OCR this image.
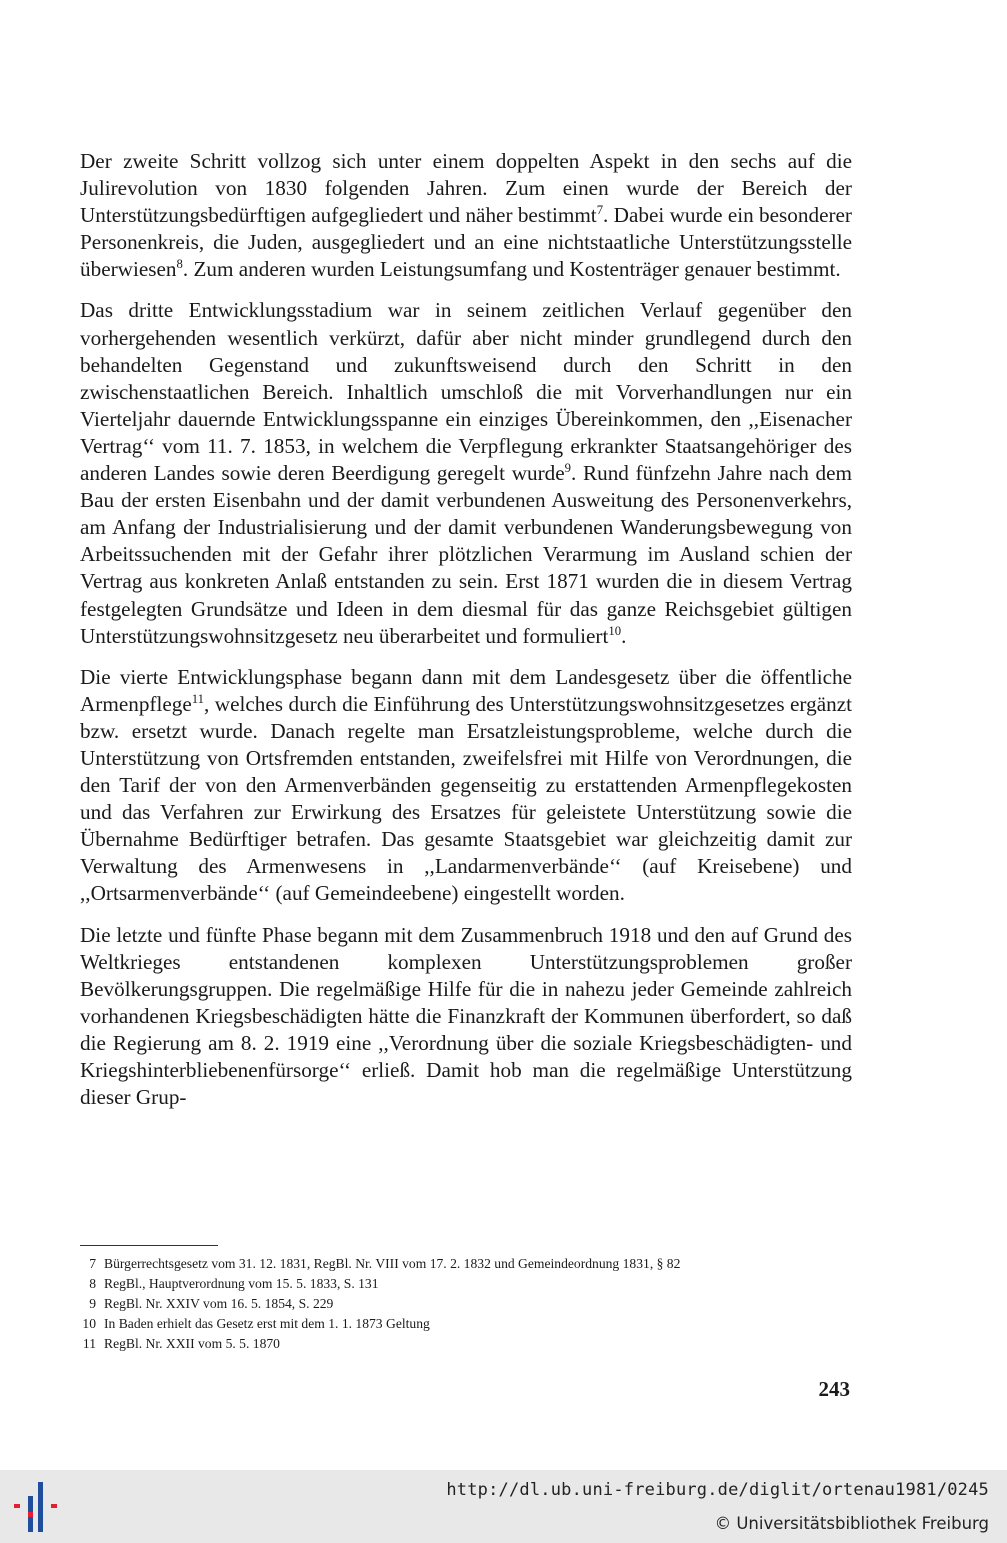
Der zweite Schritt vollzog sich unter einem doppelten Aspekt in den sechs auf die Julirevolution von 1830 folgenden Jahren. Zum einen wurde der Bereich der Unterstützungsbedürftigen aufgegliedert und näher bestimmt$^7$. Dabei wurde ein besonderer Personenkreis, die Juden, ausgegliedert und an eine nichtstaatliche Unterstützungsstelle überwiesen$^8$. Zum anderen wurden Leistungsumfang und Kostenträger genauer bestimmt.

Das dritte Entwicklungsstadium war in seinem zeitlichen Verlauf gegenüber den vorhergehenden wesentlich verkürzt, dafür aber nicht minder grundlegend durch den behandelten Gegenstand und zukunftsweisend durch den Schritt in den zwischenstaatlichen Bereich. Inhaltlich umschloß die mit Vorverhandlungen nur ein Vierteljahr dauernde Entwicklungsspanne ein einziges Übereinkommen, den ,,Eisenacher Vertrag‘‘ vom 11. 7. 1853, in welchem die Verpflegung erkrankter Staatsangehöriger des anderen Landes sowie deren Beerdigung geregelt wurde$^9$. Rund fünfzehn Jahre nach dem Bau der ersten Eisenbahn und der damit verbundenen Ausweitung des Personenverkehrs, am Anfang der Industrialisierung und der damit verbundenen Wanderungsbewegung von Arbeitssuchenden mit der Gefahr ihrer plötzlichen Verarmung im Ausland schien der Vertrag aus konkreten Anlaß entstanden zu sein. Erst 1871 wurden die in diesem Vertrag festgelegten Grundsätze und Ideen in dem diesmal für das ganze Reichsgebiet gültigen Unterstützungswohnsitzgesetz neu überarbeitet und formuliert$^{10}$.

Die vierte Entwicklungsphase begann dann mit dem Landesgesetz über die öffentliche Armenpflege$^{11}$, welches durch die Einführung des Unterstützungswohnsitzgesetzes ergänzt bzw. ersetzt wurde. Danach regelte man Ersatzleistungsprobleme, welche durch die Unterstützung von Ortsfremden entstanden, zweifelsfrei mit Hilfe von Verordnungen, die den Tarif der von den Armenverbänden gegenseitig zu erstattenden Armenpflegekosten und das Verfahren zur Erwirkung des Ersatzes für geleistete Unterstützung sowie die Übernahme Bedürftiger betrafen. Das gesamte Staatsgebiet war gleichzeitig damit zur Verwaltung des Armenwesens in ,,Landarmenverbände‘‘ (auf Kreisebene) und ,,Ortsarmenverbände‘‘ (auf Gemeindeebene) eingestellt worden.

Die letzte und fünfte Phase begann mit dem Zusammenbruch 1918 und den auf Grund des Weltkrieges entstandenen komplexen Unterstützungsproblemen großer Bevölkerungsgruppen. Die regelmäßige Hilfe für die in nahezu jeder Gemeinde zahlreich vorhandenen Kriegsbeschädigten hätte die Finanzkraft der Kommunen überfordert, so daß die Regierung am 8. 2. 1919 eine ,,Verordnung über die soziale Kriegsbeschädigten- und Kriegshinterbliebenenfürsorge‘‘ erließ. Damit hob man die regelmäßige Unterstützung dieser Grup-

7 Bürgerrechtsgesetz vom 31. 12. 1831, RegBl. Nr. VIII vom 17. 2. 1832 und Gemeindeordnung 1831, § 82
8 RegBl., Hauptverordnung vom 15. 5. 1833, S. 131
9 RegBl. Nr. XXIV vom 16. 5. 1854, S. 229
10 In Baden erhielt das Gesetz erst mit dem 1. 1. 1873 Geltung
11 RegBl. Nr. XXII vom 5. 5. 1870
243
http://dl.ub.uni-freiburg.de/diglit/ortenau1981/0245
© Universitätsbibliothek Freiburg
